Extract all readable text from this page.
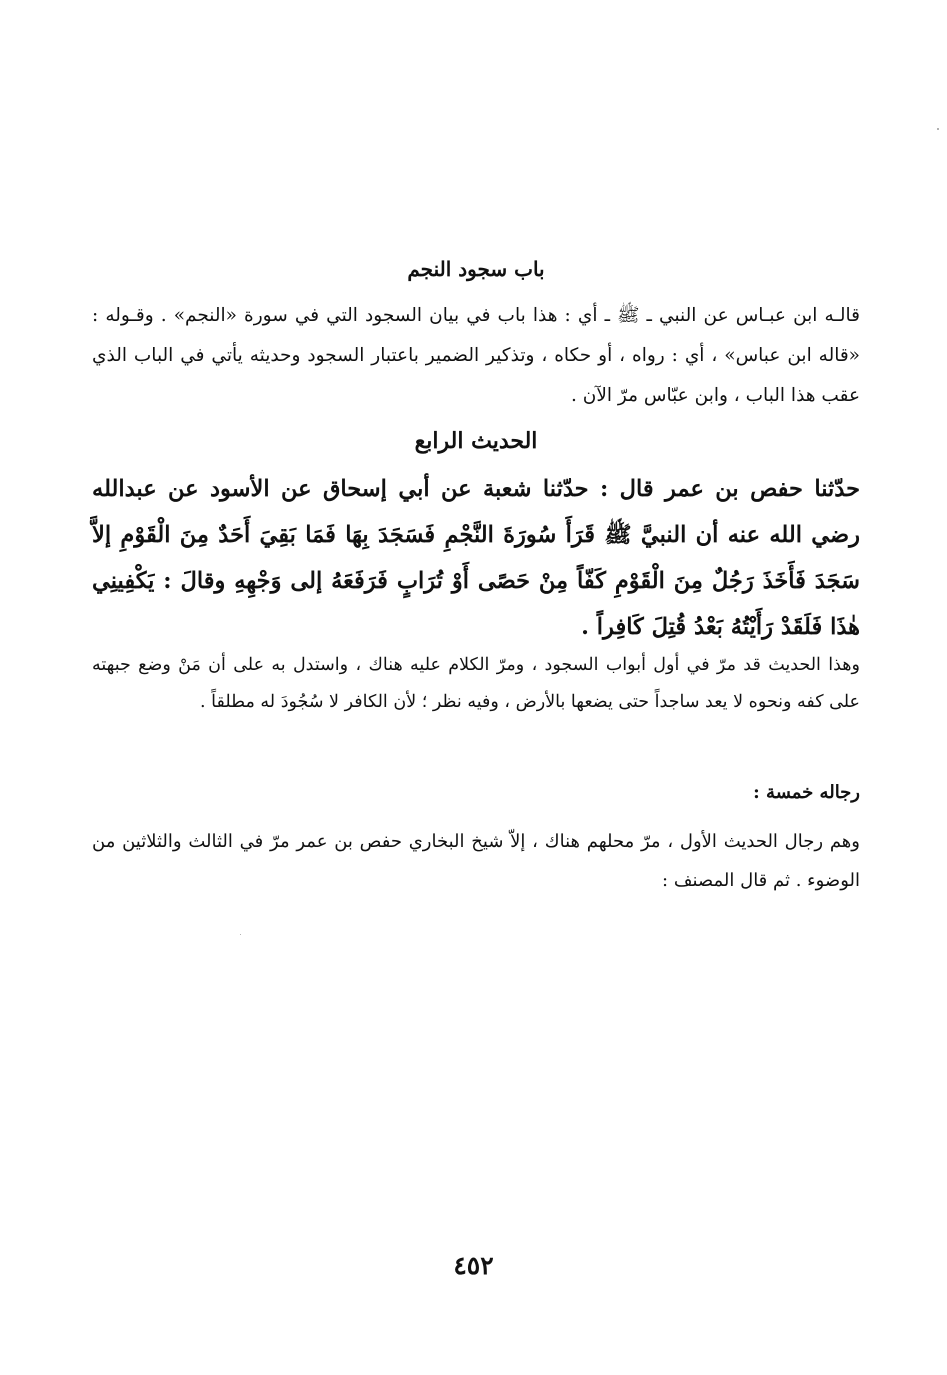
باب سجود النجم
قالـه ابن عبـاس عن النبي ـ ﷺ ـ أي : هذا باب في بيان السجود التي في سورة «النجم» . وقـوله : «قاله ابن عباس» ، أي : رواه ، أو حكاه ، وتذكير الضمير باعتبار السجود وحديثه يأتي في الباب الذي عقب هذا الباب ، وابن عبّاس مرّ الآن .
الحديث الرابع
حدّثنا حفص بن عمر قال : حدّثنا شعبة عن أبي إسحاق عن الأسود عن عبدالله رضي الله عنه أن النبيَّ ﷺ قَرَأَ سُورَةَ النَّجْمِ فَسَجَدَ بِهَا فَمَا بَقِيَ أَحَدٌ مِنَ الْقَوْمِ إلاَّ سَجَدَ فَأَخَذَ رَجُلٌ مِنَ الْقَوْمِ كَفّاً مِنْ حَصًى أَوْ تُرَابٍ فَرَفَعَهُ إلى وَجْهِهِ وقالَ : يَكْفِينِي هٰذَا فَلَقَدْ رَأَيْتُهُ بَعْدُ قُتِلَ كَافِراً .
وهذا الحديث قد مرّ في أول أبواب السجود ، ومرّ الكلام عليه هناك ، واستدل به على أن مَنْ وضع جبهته على كفه ونحوه لا يعد ساجداً حتى يضعها بالأرض ، وفيه نظر ؛ لأن الكافر لا سُجُودَ له مطلقاً .
رجاله خمسة :
وهم رجال الحديث الأول ، مرّ محلهم هناك ، إلاّ شيخ البخاري حفص بن عمر مرّ في الثالث والثلاثين من الوضوء . ثم قال المصنف :
٤٥٢
